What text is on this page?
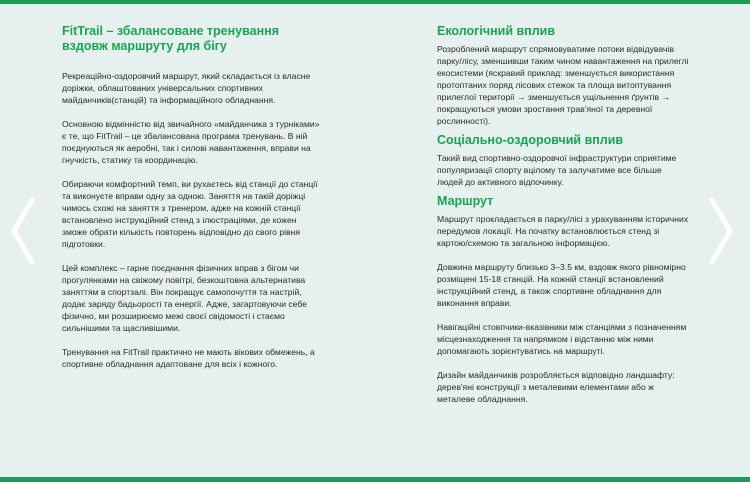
FitTrail – збалансоване тренування вздовж маршруту для бігу

Рекреаційно-оздоровчий маршрут, який складається із власне доріжки, облаштованих універсальних спортивних майданчиків(станцій) та інформаційного обладнання.

Основною відмінністю від звичайного «майданчика з турніками» є те, що FitTrail – це збалансована програма тренувань. В ній поєднуються як аеробні, так і силові навантаження, вправи на гнучкість, статику та координацію.

Обираючи комфортний темп, ви рухаєтесь від станції до станції та виконуєте вправи одну за одною. Заняття на такій доріжці чимось схожі на заняття з тренером, адже на кожній станції встановлено інструкційний стенд з ілюстраціями, де кожен зможе обрати кількість повторень відповідно до свого рівня підготовки.

Цей комплекс – гарне поєднання фізичних вправ з бігом чи прогулянками на свіжому повітрі, безкоштовна альтернатива заняттям в спортзалі. Він покращує самопочуття та настрій, додає заряду бадьорості та енергії. Адже, загартовуючи себе фізично, ми розширюємо межі своєї свідомості і стаємо сильнішими та щасливішими.

Тренування на FitTrail практично не мають вікових обмежень, а спортивне обладнання адаптоване для всіх і кожного.

Екологічний вплив

Розроблений маршрут спрямовуватиме потоки відвідувачів парку/лісу, зменшивши таким чином навантаження на прилеглі екосистеми (яскравий приклад: зменшується використання протоптаних поряд лісових стежок та площа витоптування прилеглої території → зменшується ущільнення ґрунтів → покращуються умови зростання трав'яної та деревної рослинності).

Соціально-оздоровчий вплив

Такий вид спортивно-оздоровчої інфраструктури сприятиме популяризації спорту вцілому та залучатиме все більше людей до активного відпочинку.

Маршрут

Маршрут прокладається в парку/лісі з урахуванням історичних передумов локації. На початку встановлюється стенд зі картою/схемою та загальною інформацією.

Довжина маршруту близько 3–3.5 км, вздовж якого рівномірно розміщені 15-18 станцій. На кожній станції встановлений інструкційний стенд, а також спортивне обладнання для виконання вправи.

Навігаційні стовпчики-вказівники між станціями з позначенням місцезнаходження та напрямком і відстанню між ними допомагають зорієнтуватись на маршруті.

Дизайн майданчиків розробляється відповідно ландшафту: дерев'яні конструкції з металевими елементами або ж металеве обладнання.
